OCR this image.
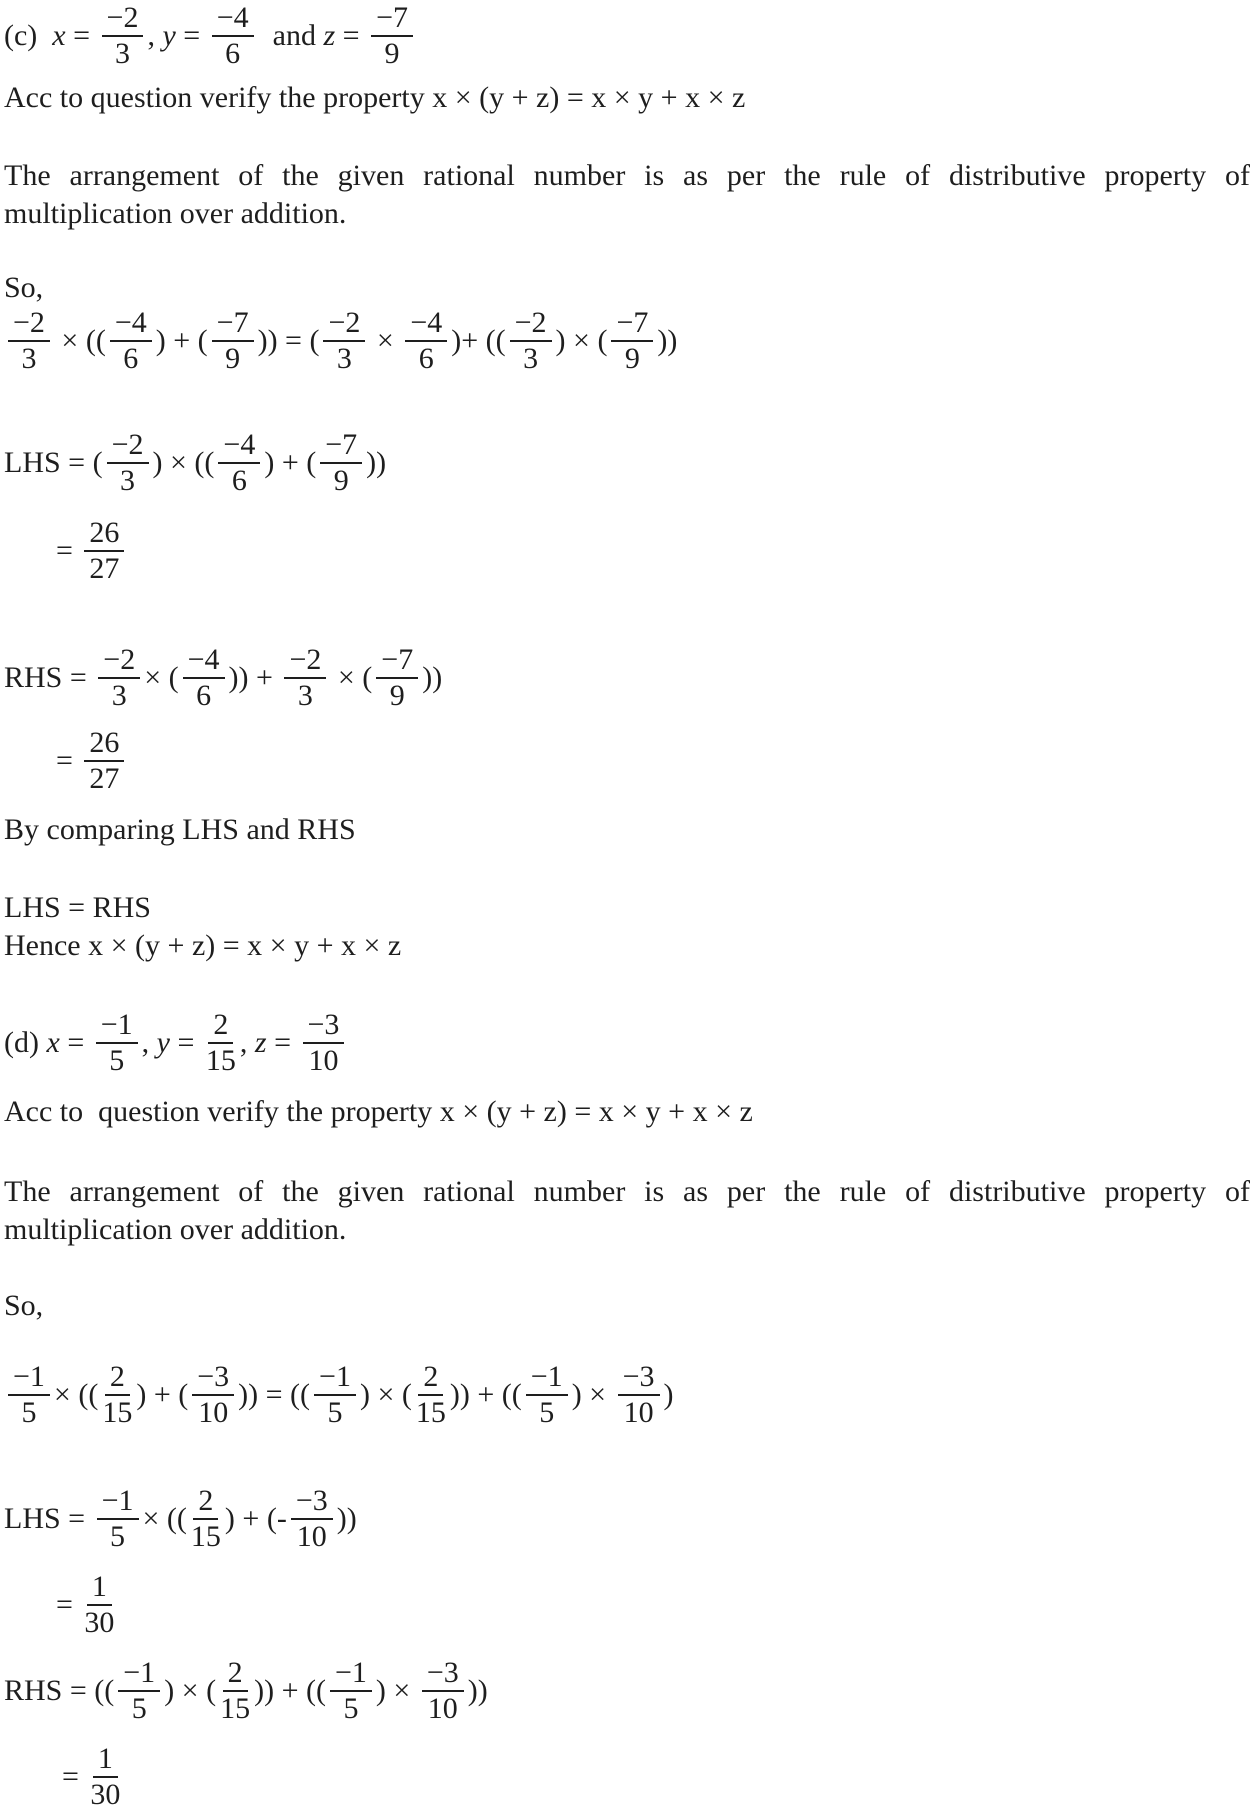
(c) $x = \frac{-2}{3}$ , $y = \frac{-4}{6}$ and $z = \frac{-7}{9}$
Acc to question verify the property x × (y + z) = x × y + x × z
The arrangement of the given rational number is as per the rule of distributive property of
multiplication over addition.
So,
$\frac{-2}{3}$ × (( $\frac{-4}{6}$ ) + ( $\frac{-7}{9}$ )) = ( $\frac{-2}{3} \times \frac{-4}{6}$ )+ (( $\frac{-2}{3}$ ) × ( $\frac{-7}{9}$ ))
LHS = ( $\frac{-2}{3}$ ) × (( $\frac{-4}{6}$ ) + ( $\frac{-7}{9}$ ))
= $\frac{26}{27}$
RHS = $\frac{-2}{3}$ × ( $\frac{-4}{6}$ )) + $\frac{-2}{3}$ × ( $\frac{-7}{9}$ ))
= $\frac{26}{27}$
By comparing LHS and RHS
LHS = RHS
Hence x × (y + z) = x × y + x × z
(d) $x = \frac{-1}{5}$ , $y = \frac{2}{15}$ , $z = \frac{-3}{10}$
Acc to  question verify the property x × (y + z) = x × y + x × z
The arrangement of the given rational number is as per the rule of distributive property of
multiplication over addition.
So,
$\frac{-1}{5}$ × (( $\frac{2}{15}$ ) + ( $\frac{-3}{10}$ )) = (( $\frac{-1}{5}$ ) × ( $\frac{2}{15}$ )) + (( $\frac{-1}{5}$ ) × $\frac{-3}{10}$ )
LHS = $\frac{-1}{5}$ × (( $\frac{2}{15}$ ) + (- $\frac{-3}{10}$ ))
= $\frac{1}{30}$
RHS = (( $\frac{-1}{5}$ ) × ( $\frac{2}{15}$ )) + (( $\frac{-1}{5}$ ) × $\frac{-3}{10}$ ))
= $\frac{1}{30}$
